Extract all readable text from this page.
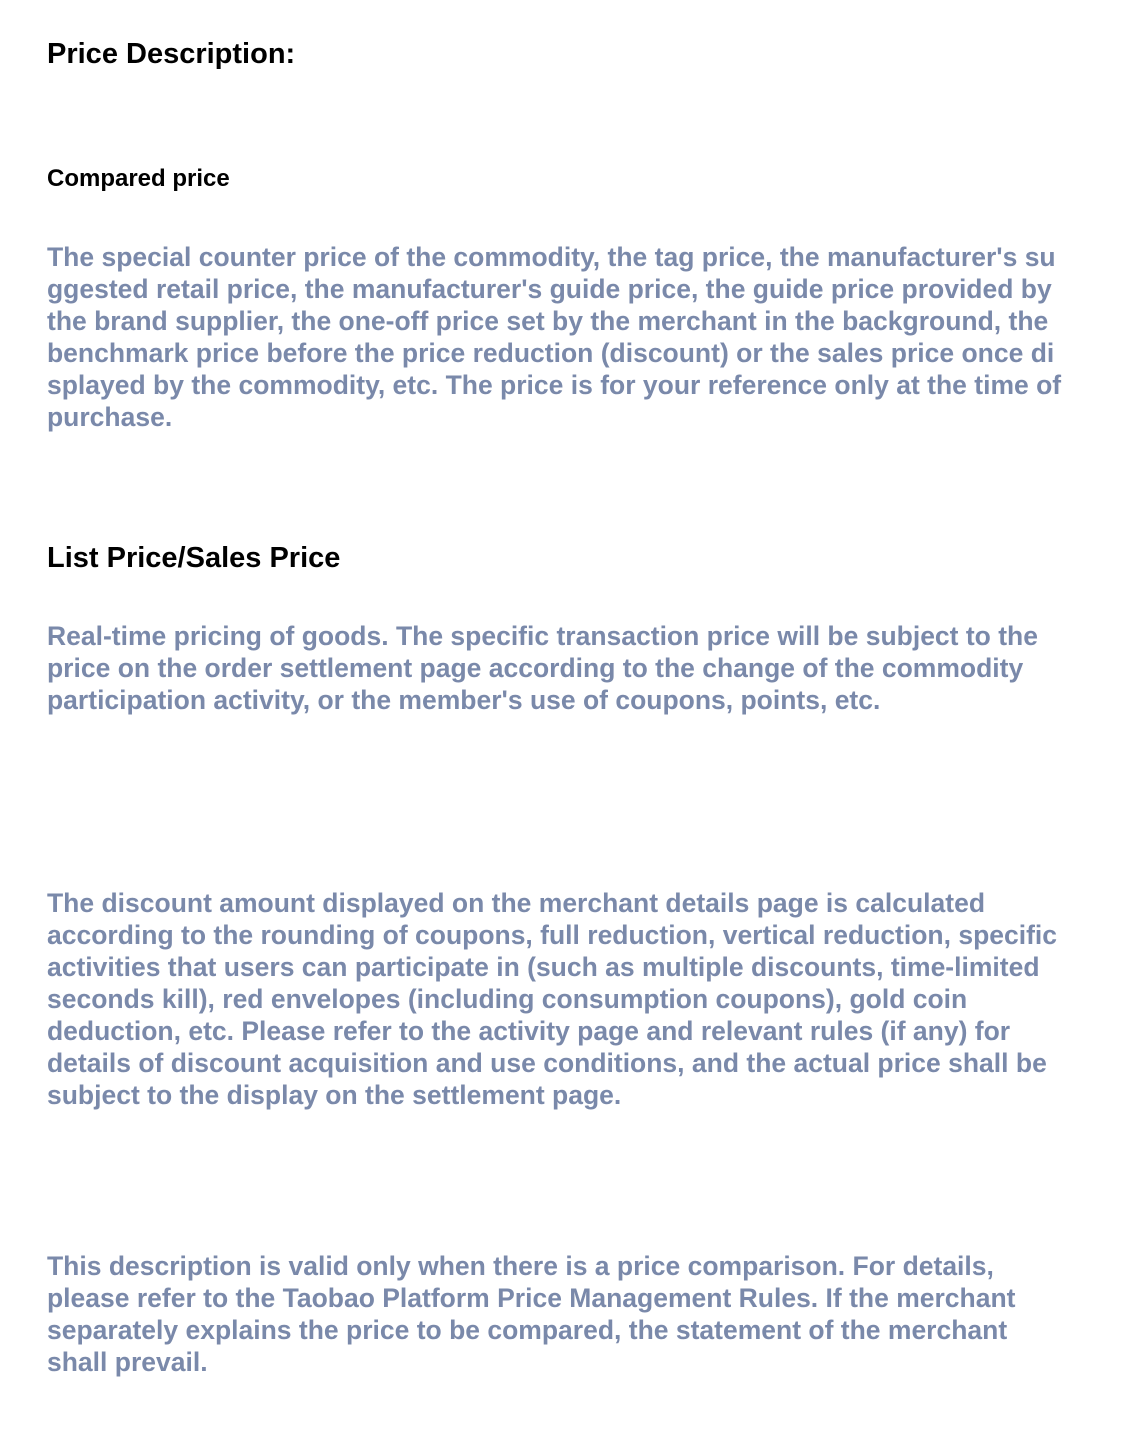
Price Description:
Compared price

The special counter price of the commodity, the tag price, the manufacturer's suggested retail price, the manufacturer's guide price, the guide price provided by the brand supplier, the one-off price set by the merchant in the background, the benchmark price before the price reduction (discount) or the sales price once displayed by the commodity, etc. The price is for your reference only at the time of purchase.

List Price/Sales Price

Real-time pricing of goods. The specific transaction price will be subject to the price on the order settlement page according to the change of the commodity participation activity, or the member's use of coupons, points, etc.

The discount amount displayed on the merchant details page is calculated according to the rounding of coupons, full reduction, vertical reduction, specific activities that users can participate in (such as multiple discounts, time-limited seconds kill), red envelopes (including consumption coupons), gold coin deduction, etc. Please refer to the activity page and relevant rules (if any) for details of discount acquisition and use conditions, and the actual price shall be subject to the display on the settlement page.

This description is valid only when there is a price comparison. For details, please refer to the Taobao Platform Price Management Rules. If the merchant separately explains the price to be compared, the statement of the merchant shall prevail.
